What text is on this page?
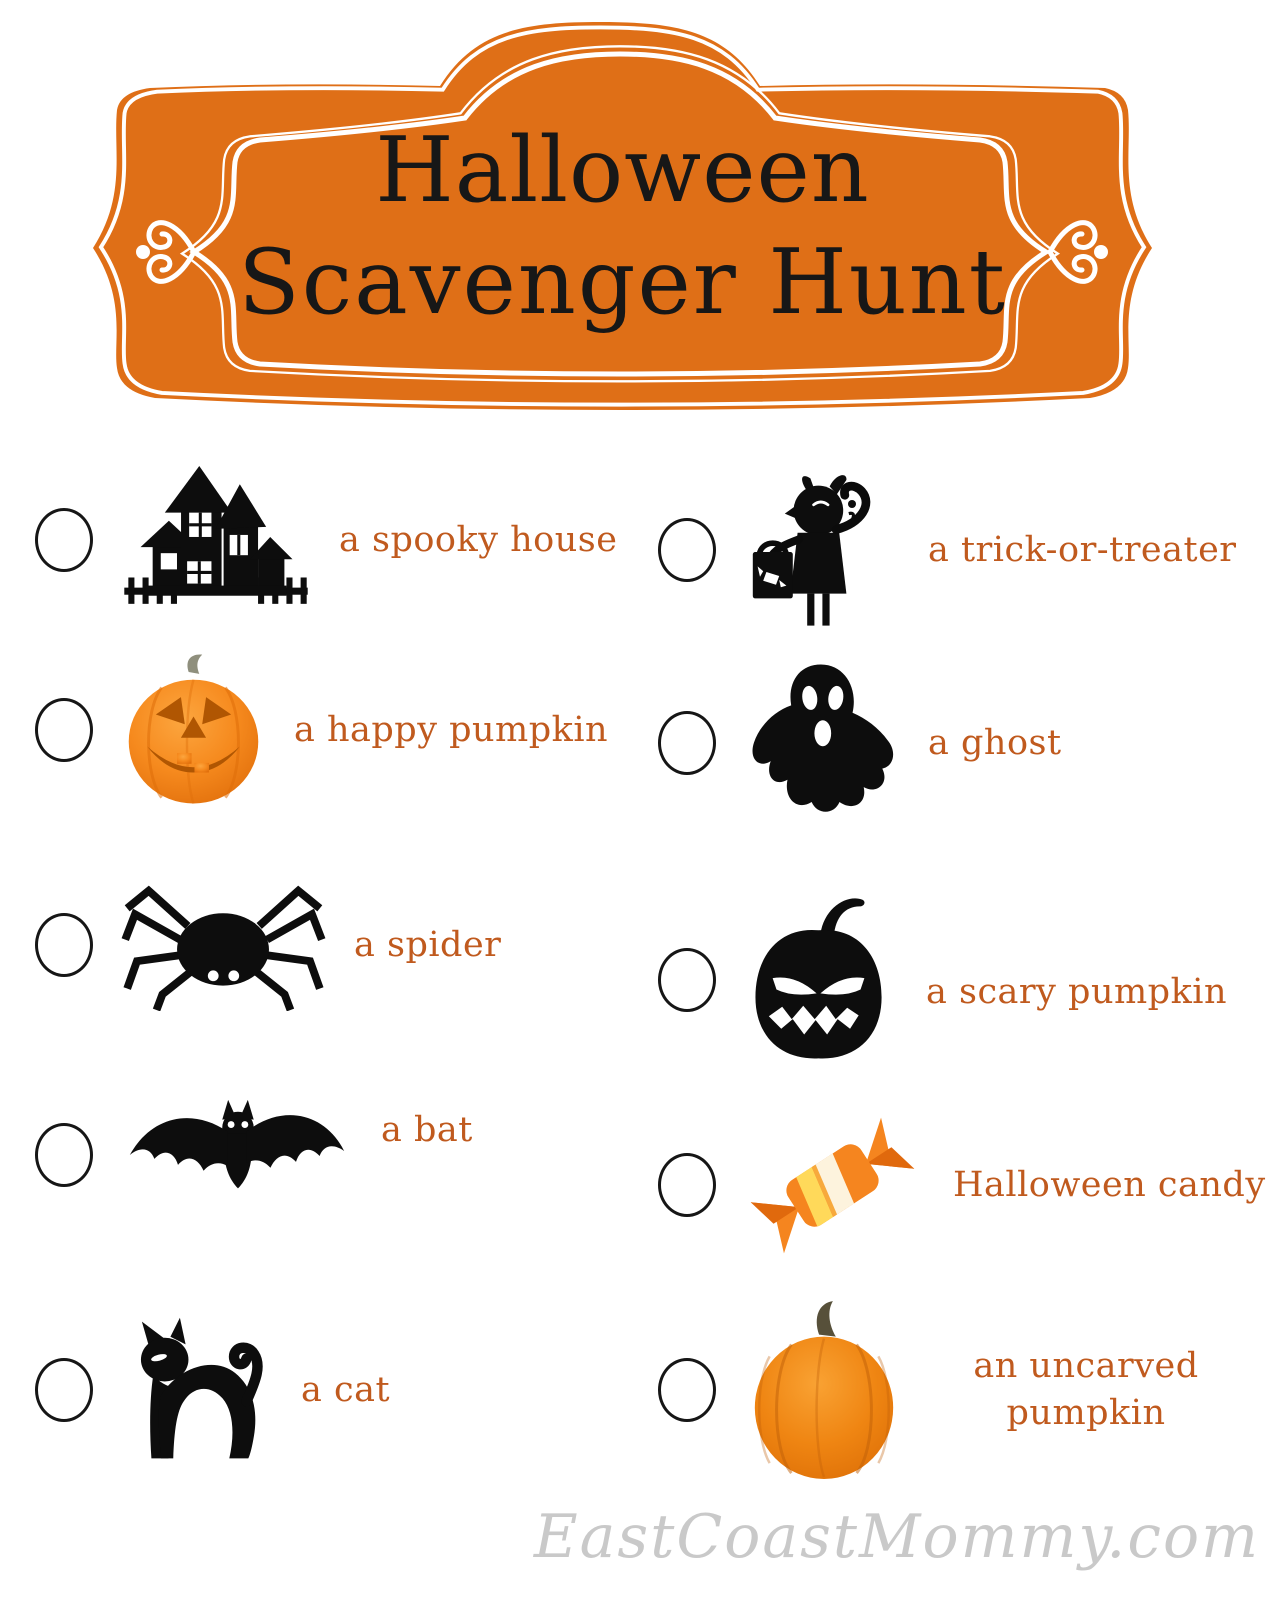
Halloween
Scavenger Hunt
a spooky house
a happy pumpkin
a spider
a bat
a cat
a trick-or-treater
a ghost
a scary pumpkin
Halloween candy
an uncarved pumpkin
EastCoastMommy.com
